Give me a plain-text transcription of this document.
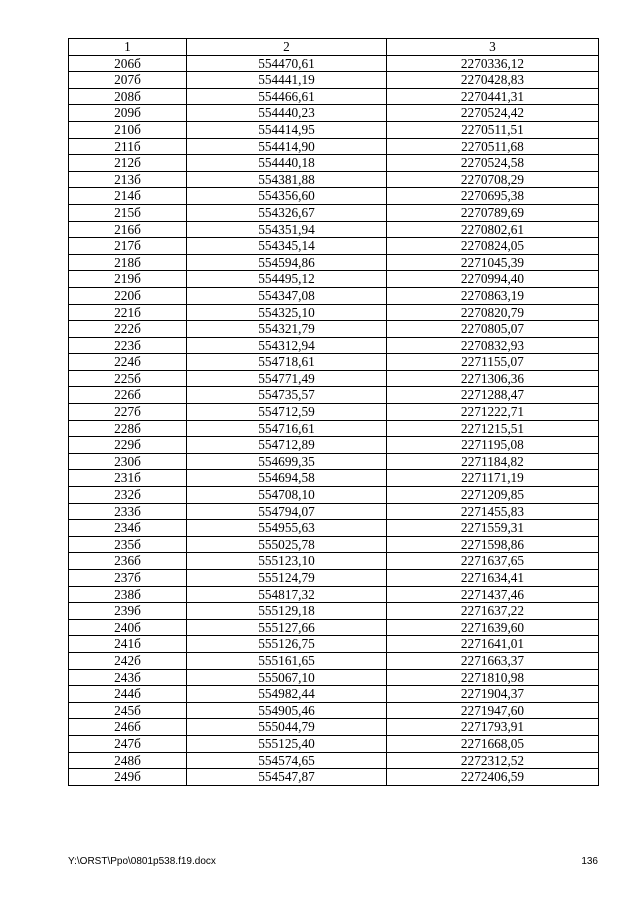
1	2	3
206б	554470,61	2270336,12
207б	554441,19	2270428,83
208б	554466,61	2270441,31
209б	554440,23	2270524,42
210б	554414,95	2270511,51
211б	554414,90	2270511,68
212б	554440,18	2270524,58
213б	554381,88	2270708,29
214б	554356,60	2270695,38
215б	554326,67	2270789,69
216б	554351,94	2270802,61
217б	554345,14	2270824,05
218б	554594,86	2271045,39
219б	554495,12	2270994,40
220б	554347,08	2270863,19
221б	554325,10	2270820,79
222б	554321,79	2270805,07
223б	554312,94	2270832,93
224б	554718,61	2271155,07
225б	554771,49	2271306,36
226б	554735,57	2271288,47
227б	554712,59	2271222,71
228б	554716,61	2271215,51
229б	554712,89	2271195,08
230б	554699,35	2271184,82
231б	554694,58	2271171,19
232б	554708,10	2271209,85
233б	554794,07	2271455,83
234б	554955,63	2271559,31
235б	555025,78	2271598,86
236б	555123,10	2271637,65
237б	555124,79	2271634,41
238б	554817,32	2271437,46
239б	555129,18	2271637,22
240б	555127,66	2271639,60
241б	555126,75	2271641,01
242б	555161,65	2271663,37
243б	555067,10	2271810,98
244б	554982,44	2271904,37
245б	554905,46	2271947,60
246б	555044,79	2271793,91
247б	555125,40	2271668,05
248б	554574,65	2272312,52
249б	554547,87	2272406,59
Y:\ORST\Ppo\0801p538.f19.docx	136
